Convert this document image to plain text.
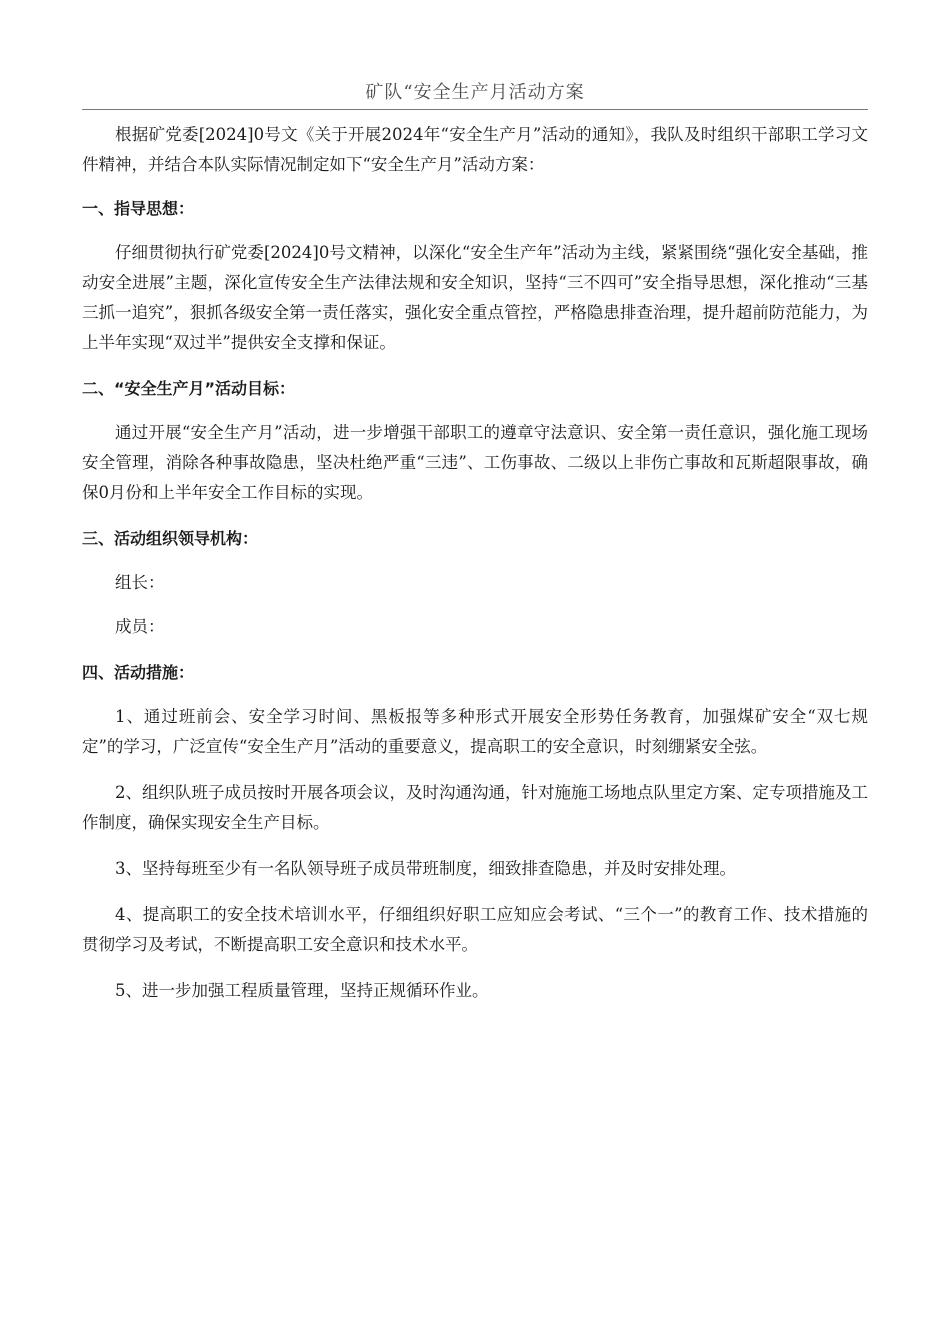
矿队“安全生产月活动方案

根据矿党委[2024]0号文《关于开展2024年“安全生产月”活动的通知》，我队及时组织干部职工学习文件精神，并结合本队实际情况制定如下“安全生产月”活动方案：

一、指导思想：

仔细贯彻执行矿党委[2024]0号文精神，以深化“安全生产年”活动为主线，紧紧围绕“强化安全基础，推动安全进展”主题，深化宣传安全生产法律法规和安全知识，坚持“三不四可”安全指导思想，深化推动“三基三抓一追究”，狠抓各级安全第一责任落实，强化安全重点管控，严格隐患排查治理，提升超前防范能力，为上半年实现“双过半”提供安全支撑和保证。

二、“安全生产月”活动目标：

通过开展“安全生产月”活动，进一步增强干部职工的遵章守法意识、安全第一责任意识，强化施工现场安全管理，消除各种事故隐患，坚决杜绝严重“三违”、工伤事故、二级以上非伤亡事故和瓦斯超限事故，确保0月份和上半年安全工作目标的实现。

三、活动组织领导机构：

组长：

成员：

四、活动措施：

1、通过班前会、安全学习时间、黑板报等多种形式开展安全形势任务教育，加强煤矿安全“双七规定”的学习，广泛宣传“安全生产月”活动的重要意义，提高职工的安全意识，时刻绷紧安全弦。

2、组织队班子成员按时开展各项会议，及时沟通沟通，针对施施工场地点队里定方案、定专项措施及工作制度，确保实现安全生产目标。

3、坚持每班至少有一名队领导班子成员带班制度，细致排查隐患，并及时安排处理。

4、提高职工的安全技术培训水平，仔细组织好职工应知应会考试、“三个一”的教育工作、技术措施的贯彻学习及考试，不断提高职工安全意识和技术水平。

5、进一步加强工程质量管理，坚持正规循环作业。
